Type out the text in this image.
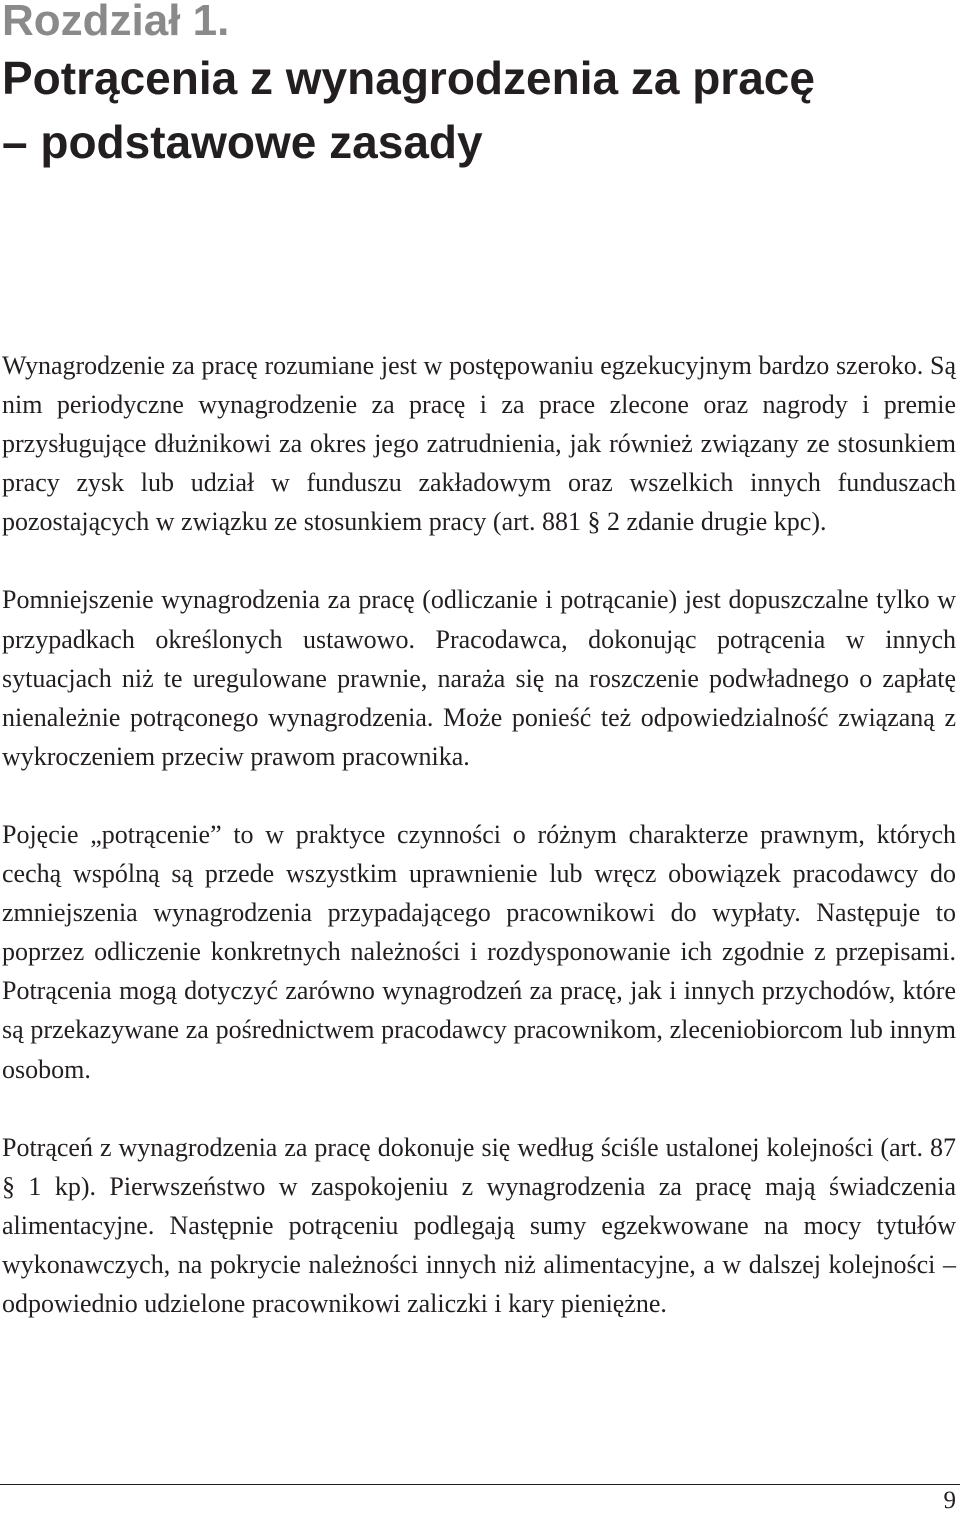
Rozdział 1.
Potrącenia z wynagrodzenia za pracę
– podstawowe zasady

Wynagrodzenie za pracę rozumiane jest w postępowaniu egzekucyjnym bardzo szeroko. Są nim periodyczne wynagrodzenie za pracę i za prace zlecone oraz nagrody i premie przysługujące dłużnikowi za okres jego zatrudnienia, jak również związany ze stosunkiem pracy zysk lub udział w funduszu zakładowym oraz wszelkich innych funduszach pozostających w związku ze stosunkiem pracy (art. 881 § 2 zdanie drugie kpc).

Pomniejszenie wynagrodzenia za pracę (odliczanie i potrącanie) jest dopuszczalne tylko w przypadkach określonych ustawowo. Pracodawca, dokonując potrącenia w innych sytuacjach niż te uregulowane prawnie, naraża się na roszczenie podwładnego o zapłatę nienależnie potrąconego wynagrodzenia. Może ponieść też odpowiedzialność związaną z wykroczeniem przeciw prawom pracownika.

Pojęcie „potrącenie” to w praktyce czynności o różnym charakterze prawnym, których cechą wspólną są przede wszystkim uprawnienie lub wręcz obowiązek pracodawcy do zmniejszenia wynagrodzenia przypadającego pracownikowi do wypłaty. Następuje to poprzez odliczenie konkretnych należności i rozdysponowanie ich zgodnie z przepisami. Potrącenia mogą dotyczyć zarówno wynagrodzeń za pracę, jak i innych przychodów, które są przekazywane za pośrednictwem pracodawcy pracownikom, zleceniobiorcom lub innym osobom.

Potrąceń z wynagrodzenia za pracę dokonuje się według ściśle ustalonej kolejności (art. 87 § 1 kp). Pierwszeństwo w zaspokojeniu z wynagrodzenia za pracę mają świadczenia alimentacyjne. Następnie potrąceniu podlegają sumy egzekwowane na mocy tytułów wykonawczych, na pokrycie należności innych niż alimentacyjne, a w dalszej kolejności – odpowiednio udzielone pracownikowi zaliczki i kary pieniężne.

9
